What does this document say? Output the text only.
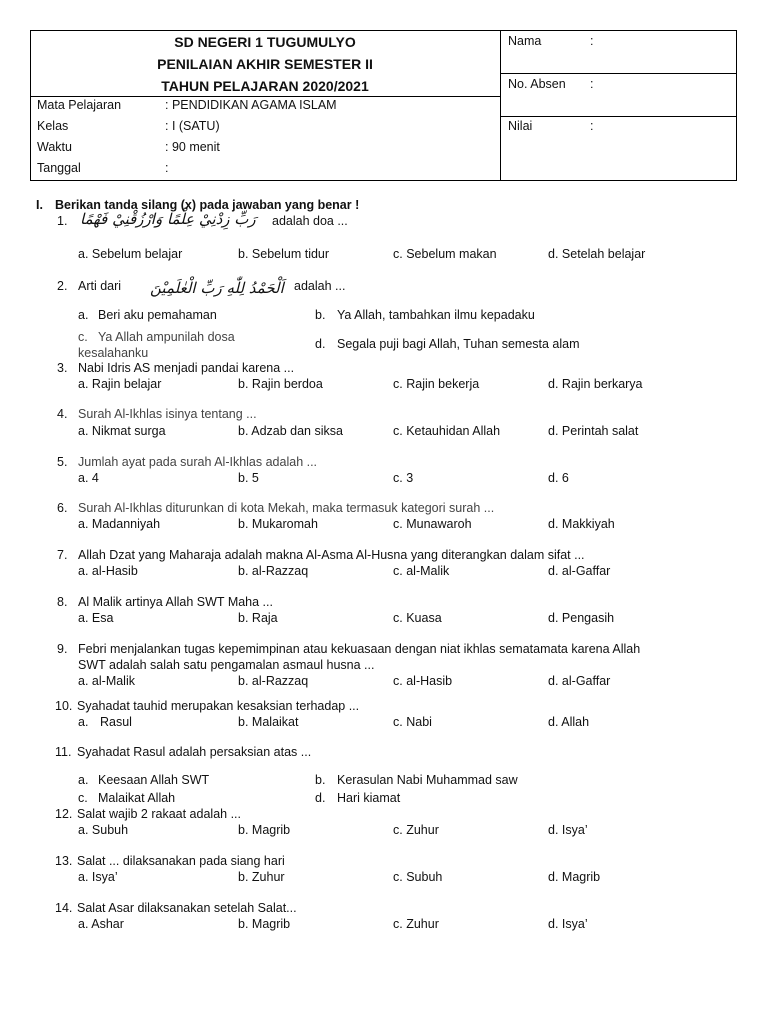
SD NEGERI 1 TUGUMULYO
PENILAIAN AKHIR SEMESTER II
TAHUN PELAJARAN 2020/2021
Mata Pelajaran	: PENDIDIKAN AGAMA ISLAM
Kelas	: I (SATU)
Waktu	: 90 menit
Tanggal	:
Nama	:
No. Absen :
Nilai	:
I. Berikan tanda silang (x) pada jawaban yang benar !
1. رَبِّ زِدْنِيْ عِلْمًا وَارْزُقْنِيْ فَهْمًا adalah doa ...
a. Sebelum belajar	b. Sebelum tidur	c. Sebelum makan	d. Setelah belajar
2. Arti dari اَلْحَمْدُ لِلّٰهِ رَبِّ الْعٰلَمِيْنَ adalah ...
a. Beri aku pemahaman	b. Ya Allah, tambahkan ilmu kepadaku
c. Ya Allah ampunilah dosa kesalahanku
d. Segala puji bagi Allah, Tuhan semesta alam
3. Nabi Idris AS menjadi pandai karena ...
a. Rajin belajar	b. Rajin berdoa	c. Rajin bekerja	d. Rajin berkarya
4. Surah Al-Ikhlas isinya tentang ...
a. Nikmat surga	b. Adzab dan siksa	c. Ketauhidan Allah	d. Perintah salat
5. Jumlah ayat pada surah Al-Ikhlas adalah ...
a. 4	b. 5	c. 3	d. 6
6. Surah Al-Ikhlas diturunkan di kota Mekah, maka termasuk kategori surah ...
a. Madanniyah	b. Mukaromah	c. Munawaroh	d. Makkiyah
7. Allah Dzat yang Maharaja adalah makna Al-Asma Al-Husna yang diterangkan dalam sifat ...
a. al-Hasib	b. al-Razzaq	c. al-Malik	d. al-Gaffar
8. Al Malik artinya Allah SWT Maha ...
a. Esa	b. Raja	c. Kuasa	d. Pengasih
9. Febri menjalankan tugas kepemimpinan atau kekuasaan dengan niat ikhlas sematamata karena Allah
SWT adalah salah satu pengamalan asmaul husna ...
a. al-Malik	b. al-Razzaq	c. al-Hasib	d. al-Gaffar
10. Syahadat tauhid merupakan kesaksian terhadap ...
a. Rasul	b. Malaikat	c. Nabi	d. Allah
11. Syahadat Rasul adalah persaksian atas ...
a. Keesaan Allah SWT	b. Kerasulan Nabi Muhammad saw
c. Malaikat Allah	d. Hari kiamat
12. Salat wajib 2 rakaat adalah ...
a. Subuh	b. Magrib	c. Zuhur	d. Isya’
13. Salat ... dilaksanakan pada siang hari
a. Isya’	b. Zuhur	c. Subuh	d. Magrib
14. Salat Asar dilaksanakan setelah Salat...
a. Ashar	b. Magrib	c. Zuhur	d. Isya’
